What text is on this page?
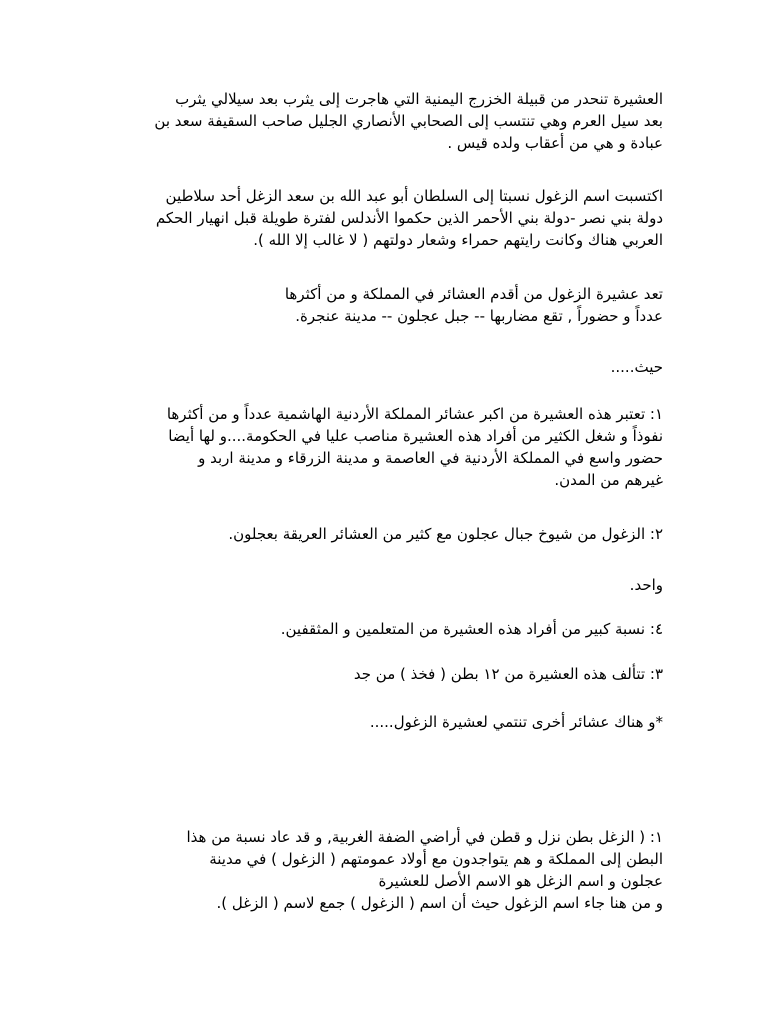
العشيرة تنحدر من قبيلة الخزرج اليمنية التي هاجرت إلى يثرب بعد سيلالي يثرب
بعد سيل العرم وهي تنتسب إلى الصحابي الأنصاري الجليل صاحب السقيفة سعد بن
عبادة و هي من أعقاب ولده قيس .
اكتسبت اسم الزغول نسبتا إلى السلطان أبو عبد الله بن سعد الزغل أحد سلاطين
دولة بني نصر -دولة بني الأحمر الذين حكموا الأندلس لفترة طويلة قبل انهيار الحكم
العربي هناك وكانت رايتهم حمراء وشعار دولتهم ( لا غالب إلا الله ).
تعد عشيرة الزغول من أقدم العشائر في المملكة و من أكثرها
عدداً و حضوراً , تقع مضاربها -- جبل عجلون -- مدينة عنجرة.
حيث.....
١: تعتبر هذه العشيرة من اكبر عشائر المملكة الأردنية الهاشمية عدداً و من أكثرها
نفوذاً و شغل الكثير من أفراد هذه العشيرة مناصب عليا في الحكومة....و لها أيضا
حضور واسع في المملكة الأردنية في العاصمة و مدينة الزرقاء و مدينة اربد و
غيرهم من المدن.
٢: الزغول من شيوخ جبال عجلون مع كثير من العشائر العريقة بعجلون.
واحد.
٤: نسبة كبير من أفراد هذه العشيرة من المتعلمين و المثقفين.
٣: تتألف هذه العشيرة من ١٢ بطن ( فخذ ) من جد
*و هناك عشائر أخرى تنتمي لعشيرة الزغول.....
١: ( الزغل بطن نزل و قطن في أراضي الضفة الغربية, و قد عاد نسبة من هذا
البطن إلى المملكة و هم يتواجدون مع أولاد عمومتهم ( الزغول ) في مدينة
عجلون و اسم الزغل هو الاسم الأصل للعشيرة
و من هنا جاء اسم الزغول حيث أن اسم ( الزغول ) جمع لاسم ( الزغل ).
